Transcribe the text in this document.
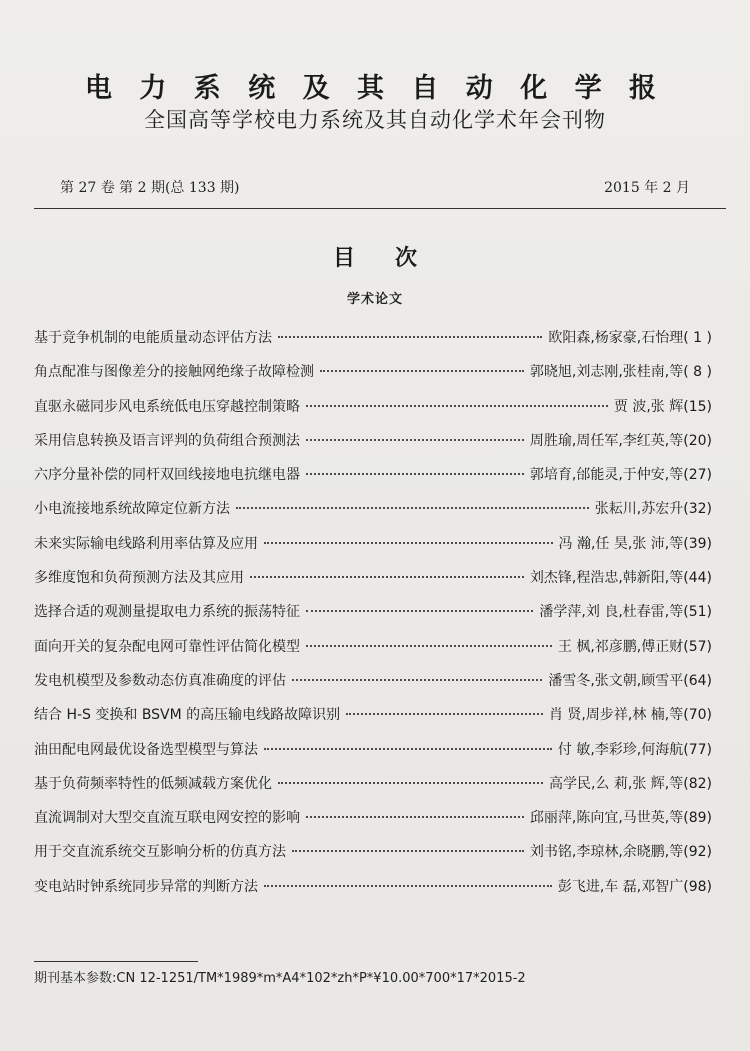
电 力 系 统 及 其 自 动 化 学 报
全国高等学校电力系统及其自动化学术年会刊物
第 27 卷 第 2 期(总 133 期)	2015 年 2 月
目次
学术论文
基于竞争机制的电能质量动态评估方法	欧阳森,杨家豪,石怡理 ( 1 )
角点配准与图像差分的接触网绝缘子故障检测	郭晓旭,刘志刚,张桂南,等 ( 8 )
直驱永磁同步风电系统低电压穿越控制策略	贾 波,张 辉 ( 15 )
采用信息转换及语言评判的负荷组合预测法	周胜瑜,周任军,李红英,等 ( 20 )
六序分量补偿的同杆双回线接地电抗继电器	郭培育,邰能灵,于仲安,等 ( 27 )
小电流接地系统故障定位新方法	张耘川,苏宏升 ( 32 )
未来实际输电线路利用率估算及应用	冯 瀚,任 昊,张 沛,等 ( 39 )
多维度饱和负荷预测方法及其应用	刘杰锋,程浩忠,韩新阳,等 ( 44 )
选择合适的观测量提取电力系统的振荡特征	潘学萍,刘 良,杜春雷,等 ( 51 )
面向开关的复杂配电网可靠性评估简化模型	王 枫,祁彦鹏,傅正财 ( 57 )
发电机模型及参数动态仿真准确度的评估	潘雪冬,张文朝,顾雪平 ( 64 )
结合 H-S 变换和 BSVM 的高压输电线路故障识别	肖 贤,周步祥,林 楠,等 ( 70 )
油田配电网最优设备选型模型与算法	付 敏,李彩珍,何海航 ( 77 )
基于负荷频率特性的低频减载方案优化	高学民,么 莉,张 辉,等 ( 82 )
直流调制对大型交直流互联电网安控的影响	邱丽萍,陈向宜,马世英,等 ( 89 )
用于交直流系统交互影响分析的仿真方法	刘书铭,李琼林,余晓鹏,等 ( 92 )
变电站时钟系统同步异常的判断方法	彭飞进,车 磊,邓智广 ( 98 )
期刊基本参数:CN 12-1251/TM*1989*m*A4*102*zh*P*¥10.00*700*17*2015-2
